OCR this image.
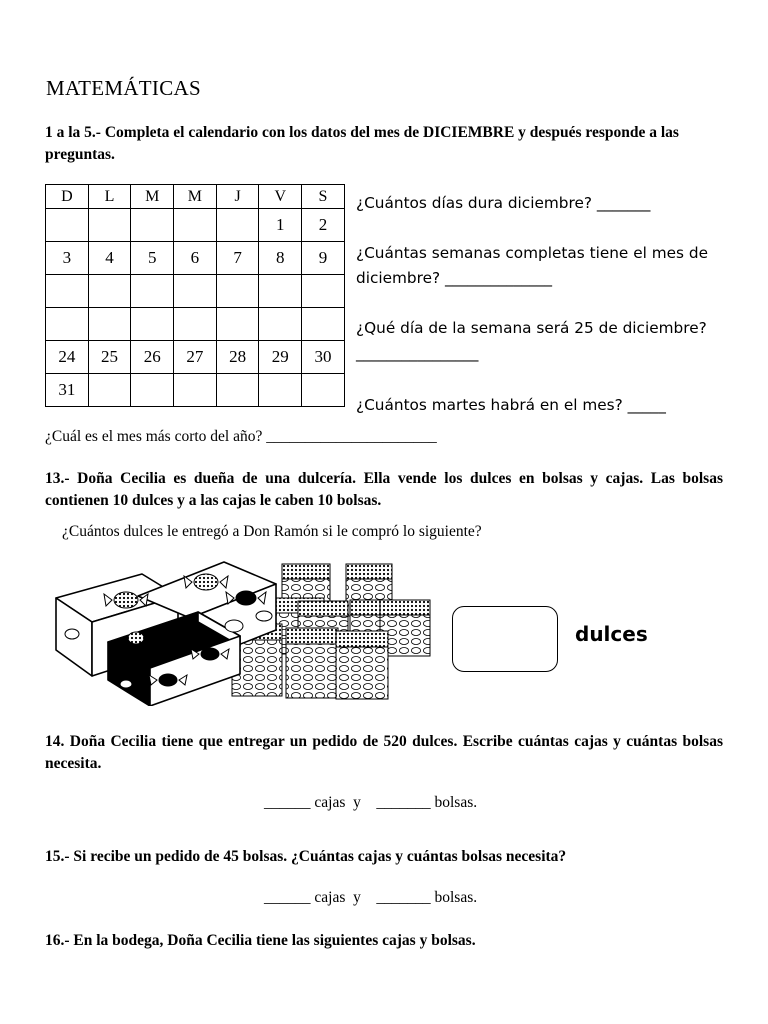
MATEMÁTICAS
1 a la 5.- Completa el calendario con los datos del mes de DICIEMBRE y después responde a las preguntas.
D	L	M	M	J	V	S
					1	2
3	4	5	6	7	8	9

24	25	26	27	28	29	30
31						
¿Cuántos días dura diciembre? _______
¿Cuántas semanas completas tiene el mes de diciembre? ______________
¿Qué día de la semana será 25 de diciembre? ________________
¿Cuántos martes habrá en el mes? _____
¿Cuál es el mes más corto del año? ______________________
13.- Doña Cecilia es dueña de una dulcería. Ella vende los dulces en bolsas y cajas. Las bolsas contienen 10 dulces y a las cajas le caben 10 bolsas.
¿Cuántos dulces le entregó a Don Ramón si le compró lo siguiente?
dulces
14. Doña Cecilia tiene que entregar un pedido de 520 dulces. Escribe cuántas cajas y cuántas bolsas necesita.
______ cajas  y    _______ bolsas.
15.- Si recibe un pedido de 45 bolsas. ¿Cuántas cajas y cuántas bolsas necesita?
______ cajas  y    _______ bolsas.
16.- En la bodega, Doña Cecilia tiene las siguientes cajas y bolsas.
